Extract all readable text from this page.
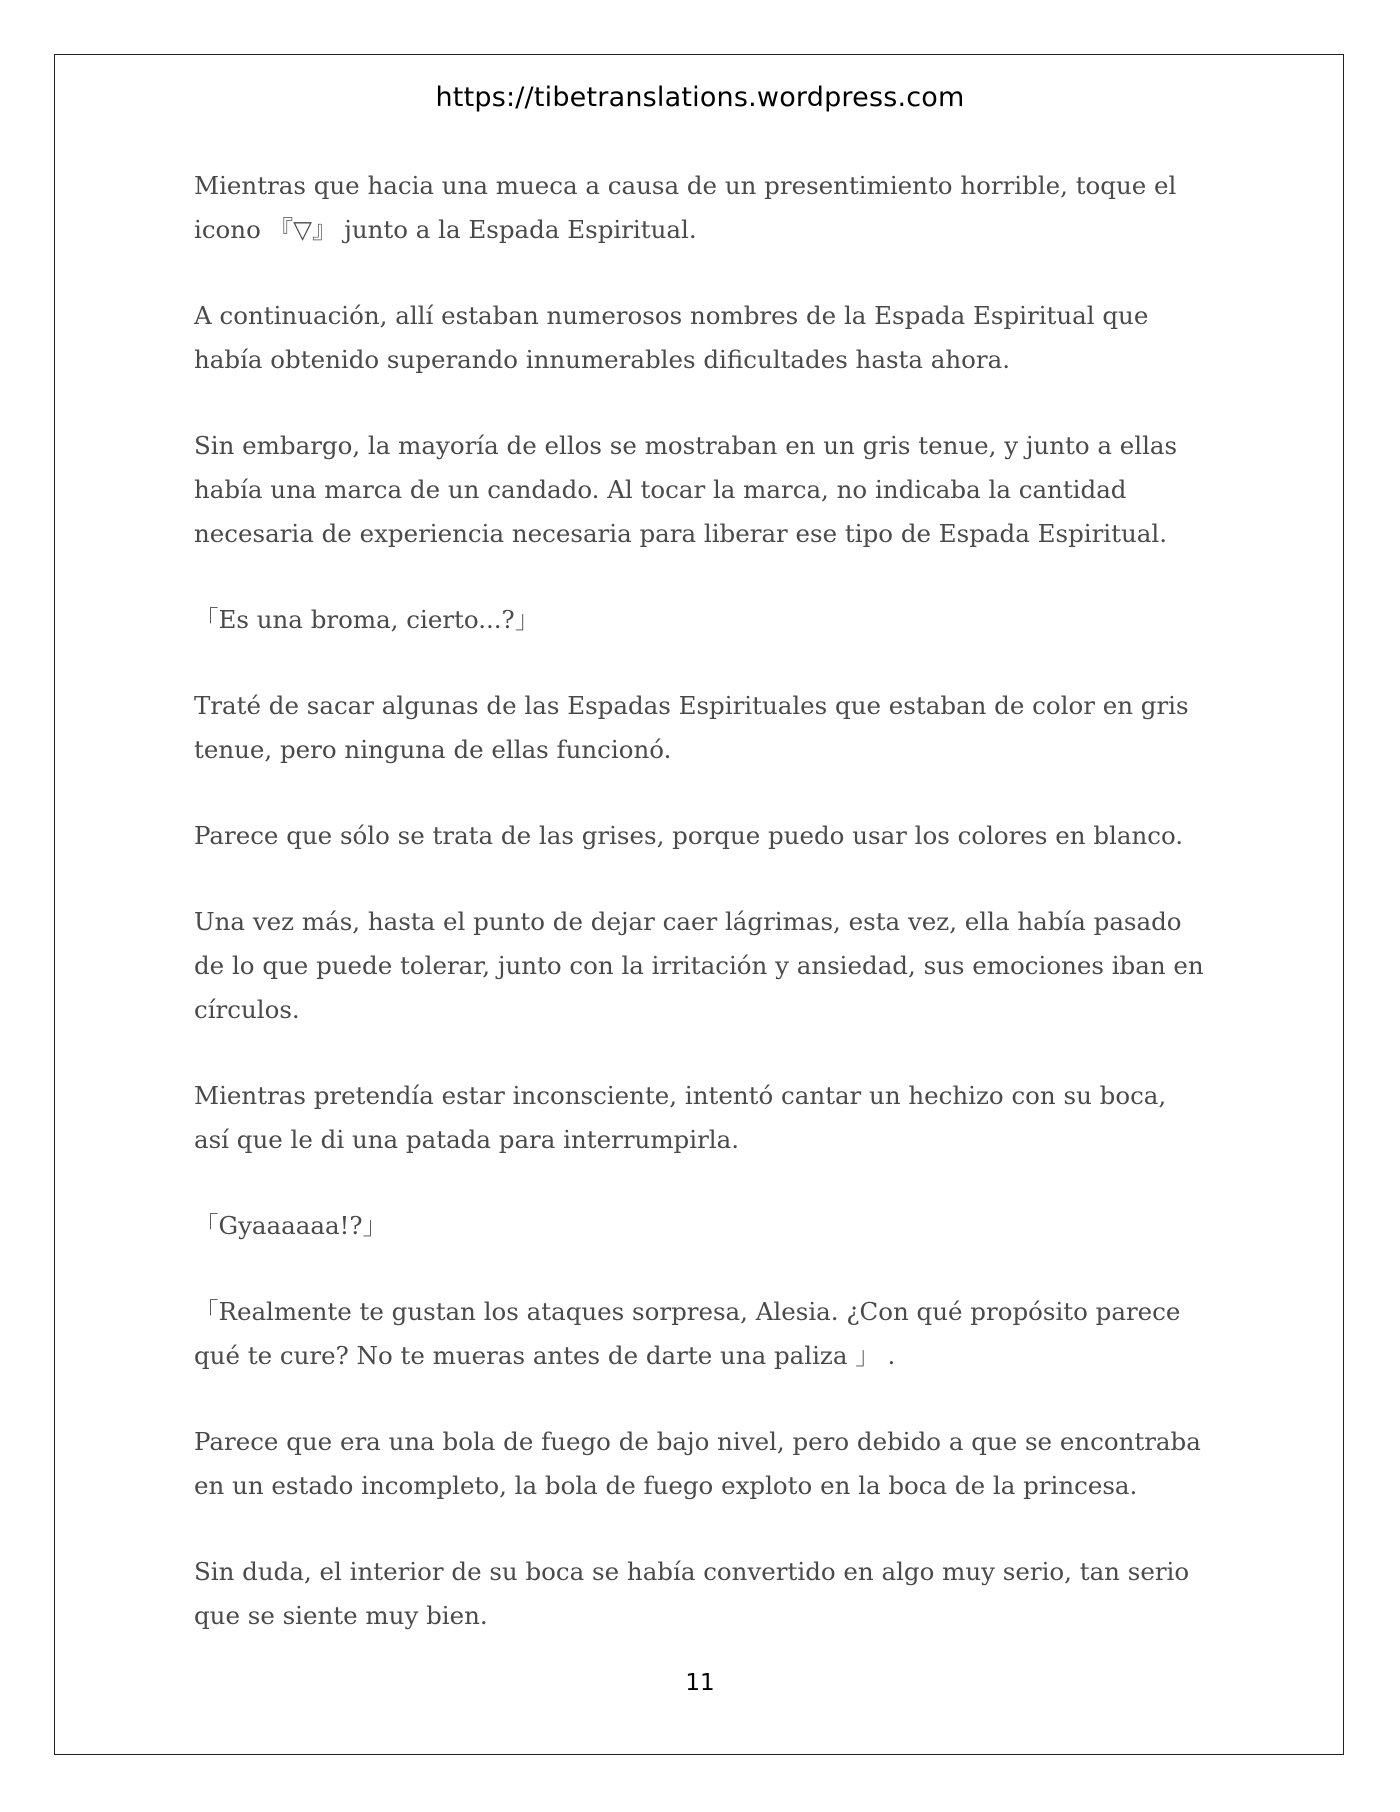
https://tibetranslations.wordpress.com

Mientras que hacia una mueca a causa de un presentimiento horrible, toque el icono 『▽』 junto a la Espada Espiritual.

A continuación, allí estaban numerosos nombres de la Espada Espiritual que había obtenido superando innumerables dificultades hasta ahora.

Sin embargo, la mayoría de ellos se mostraban en un gris tenue, y junto a ellas había una marca de un candado. Al tocar la marca, no indicaba la cantidad necesaria de experiencia necesaria para liberar ese tipo de Espada Espiritual.

「Es una broma, cierto...?」

Traté de sacar algunas de las Espadas Espirituales que estaban de color en gris tenue, pero ninguna de ellas funcionó.

Parece que sólo se trata de las grises, porque puedo usar los colores en blanco.

Una vez más, hasta el punto de dejar caer lágrimas, esta vez, ella había pasado de lo que puede tolerar, junto con la irritación y ansiedad, sus emociones iban en círculos.

Mientras pretendía estar inconsciente, intentó cantar un hechizo con su boca, así que le di una patada para interrumpirla.

「Gyaaaaaa!?」

「Realmente te gustan los ataques sorpresa, Alesia. ¿Con qué propósito parece qué te cure? No te mueras antes de darte una paliza 」 .

Parece que era una bola de fuego de bajo nivel, pero debido a que se encontraba en un estado incompleto, la bola de fuego exploto en la boca de la princesa.

Sin duda, el interior de su boca se había convertido en algo muy serio, tan serio que se siente muy bien.

11
